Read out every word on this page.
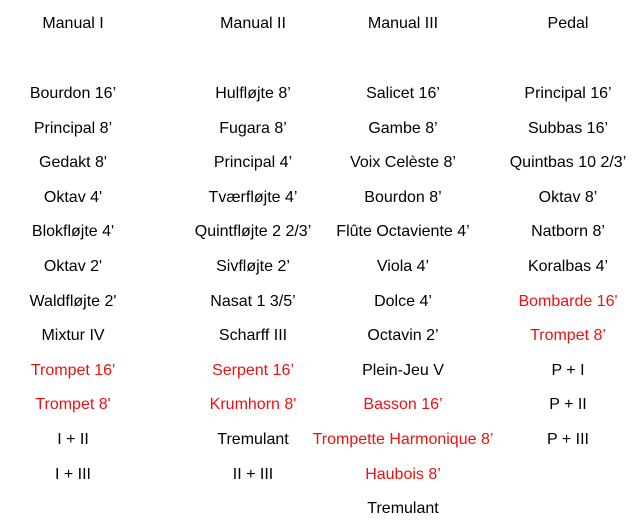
Manual I
Bourdon 16’
Principal 8’
Gedakt 8'
Oktav 4'
Blokfløjte 4'
Oktav 2'
Waldfløjte 2'
Mixtur IV
Trompet 16'
Trompet 8'
I + II
I + III
Manual II
Hulfløjte 8’
Fugara 8’
Principal 4’
Tværfløjte 4’
Quintfløjte 2 2/3’
Sivfløjte 2’
Nasat 1 3/5’
Scharff III
Serpent 16’
Krumhorn 8'
Tremulant
II + III
Manual III
Salicet 16’
Gambe 8’
Voix Celèste 8’
Bourdon 8’
Flûte Octaviente 4’
Viola 4’
Dolce 4’
Octavin 2’
Plein-Jeu V
Basson 16’
Trompette Harmonique 8’
Haubois 8’
Tremulant
Pedal
Principal 16’
Subbas 16’
Quintbas 10 2/3’
Oktav 8’
Natborn 8’
Koralbas 4’
Bombarde 16'
Trompet 8’
P + I
P + II
P + III
